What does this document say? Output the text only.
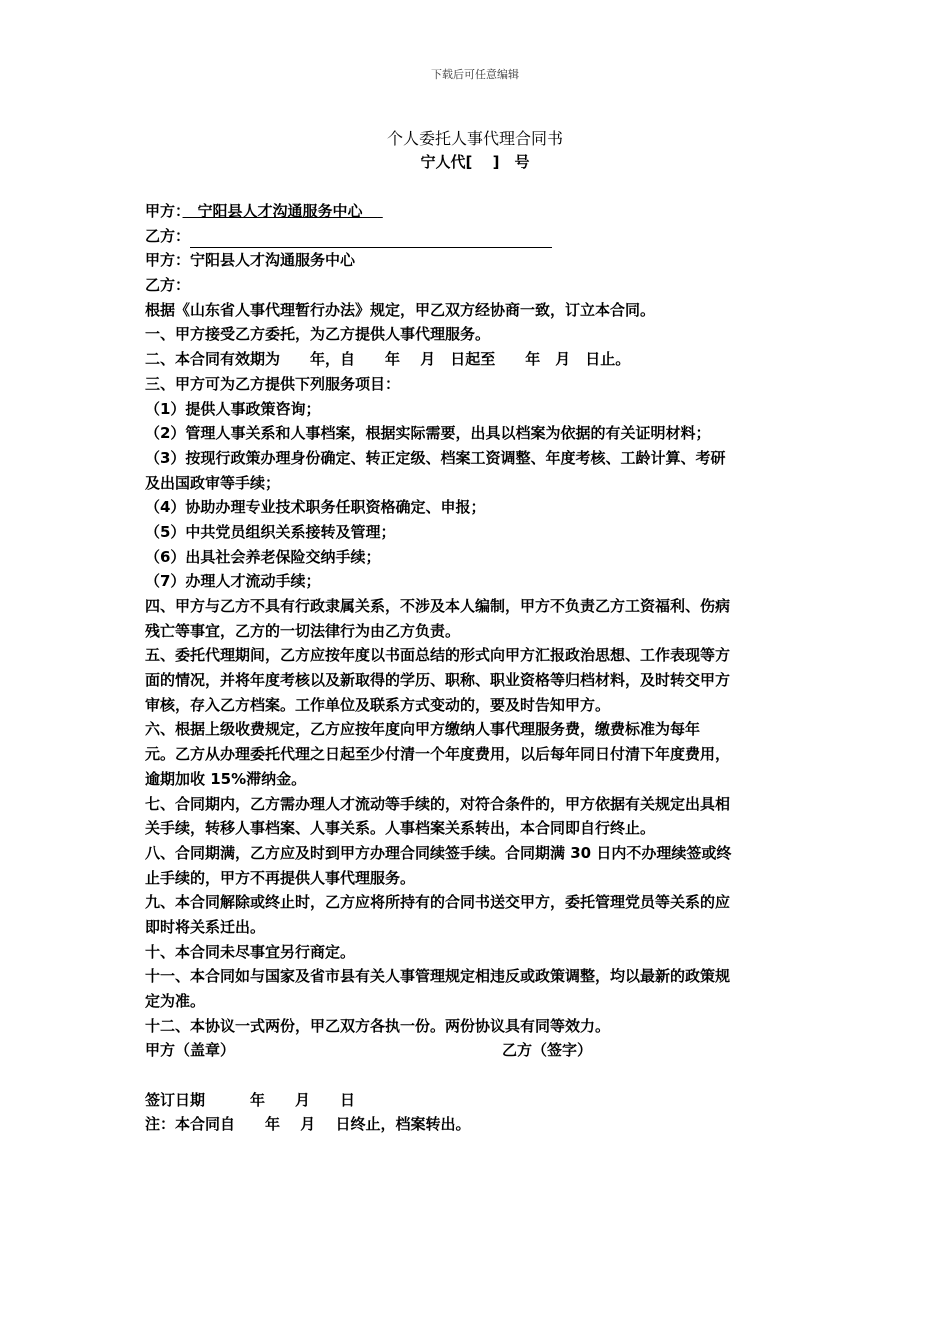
下载后可任意编辑
个人委托人事代理合同书
宁人代[　 ]　号
甲方：　宁阳县人才沟通服务中心　
乙方：
甲方：宁阳县人才沟通服务中心
乙方：
根据《山东省人事代理暂行办法》规定，甲乙双方经协商一致，订立本合同。
一、甲方接受乙方委托，为乙方提供人事代理服务。
二、本合同有效期为　　年，自　　年　 月　日起至　　年　月　日止。
三、甲方可为乙方提供下列服务项目：
（1）提供人事政策咨询；
（2）管理人事关系和人事档案，根据实际需要，出具以档案为依据的有关证明材料；
（3）按现行政策办理身份确定、转正定级、档案工资调整、年度考核、工龄计算、考研
及出国政审等手续；
（4）协助办理专业技术职务任职资格确定、申报；
（5）中共党员组织关系接转及管理；
（6）出具社会养老保险交纳手续；
（7）办理人才流动手续；
四、甲方与乙方不具有行政隶属关系，不涉及本人编制，甲方不负责乙方工资福利、伤病
残亡等事宜，乙方的一切法律行为由乙方负责。
五、委托代理期间，乙方应按年度以书面总结的形式向甲方汇报政治思想、工作表现等方
面的情况，并将年度考核以及新取得的学历、职称、职业资格等归档材料，及时转交甲方
审核，存入乙方档案。工作单位及联系方式变动的，要及时告知甲方。
六、根据上级收费规定，乙方应按年度向甲方缴纳人事代理服务费，缴费标准为每年
元。乙方从办理委托代理之日起至少付清一个年度费用，以后每年同日付清下年度费用，
逾期加收 15%滞纳金。
七、合同期内，乙方需办理人才流动等手续的，对符合条件的，甲方依据有关规定出具相
关手续，转移人事档案、人事关系。人事档案关系转出，本合同即自行终止。
八、合同期满，乙方应及时到甲方办理合同续签手续。合同期满 30 日内不办理续签或终
止手续的，甲方不再提供人事代理服务。
九、本合同解除或终止时，乙方应将所持有的合同书送交甲方，委托管理党员等关系的应
即时将关系迁出。
十、本合同未尽事宜另行商定。
十一、本合同如与国家及省市县有关人事管理规定相违反或政策调整，均以最新的政策规
定为准。
十二、本协议一式两份，甲乙双方各执一份。两份协议具有同等效力。
甲方（盖章）	乙方（签字）
签订日期　　　年　　月　　日
注：本合同自　　年　 月　 日终止，档案转出。
